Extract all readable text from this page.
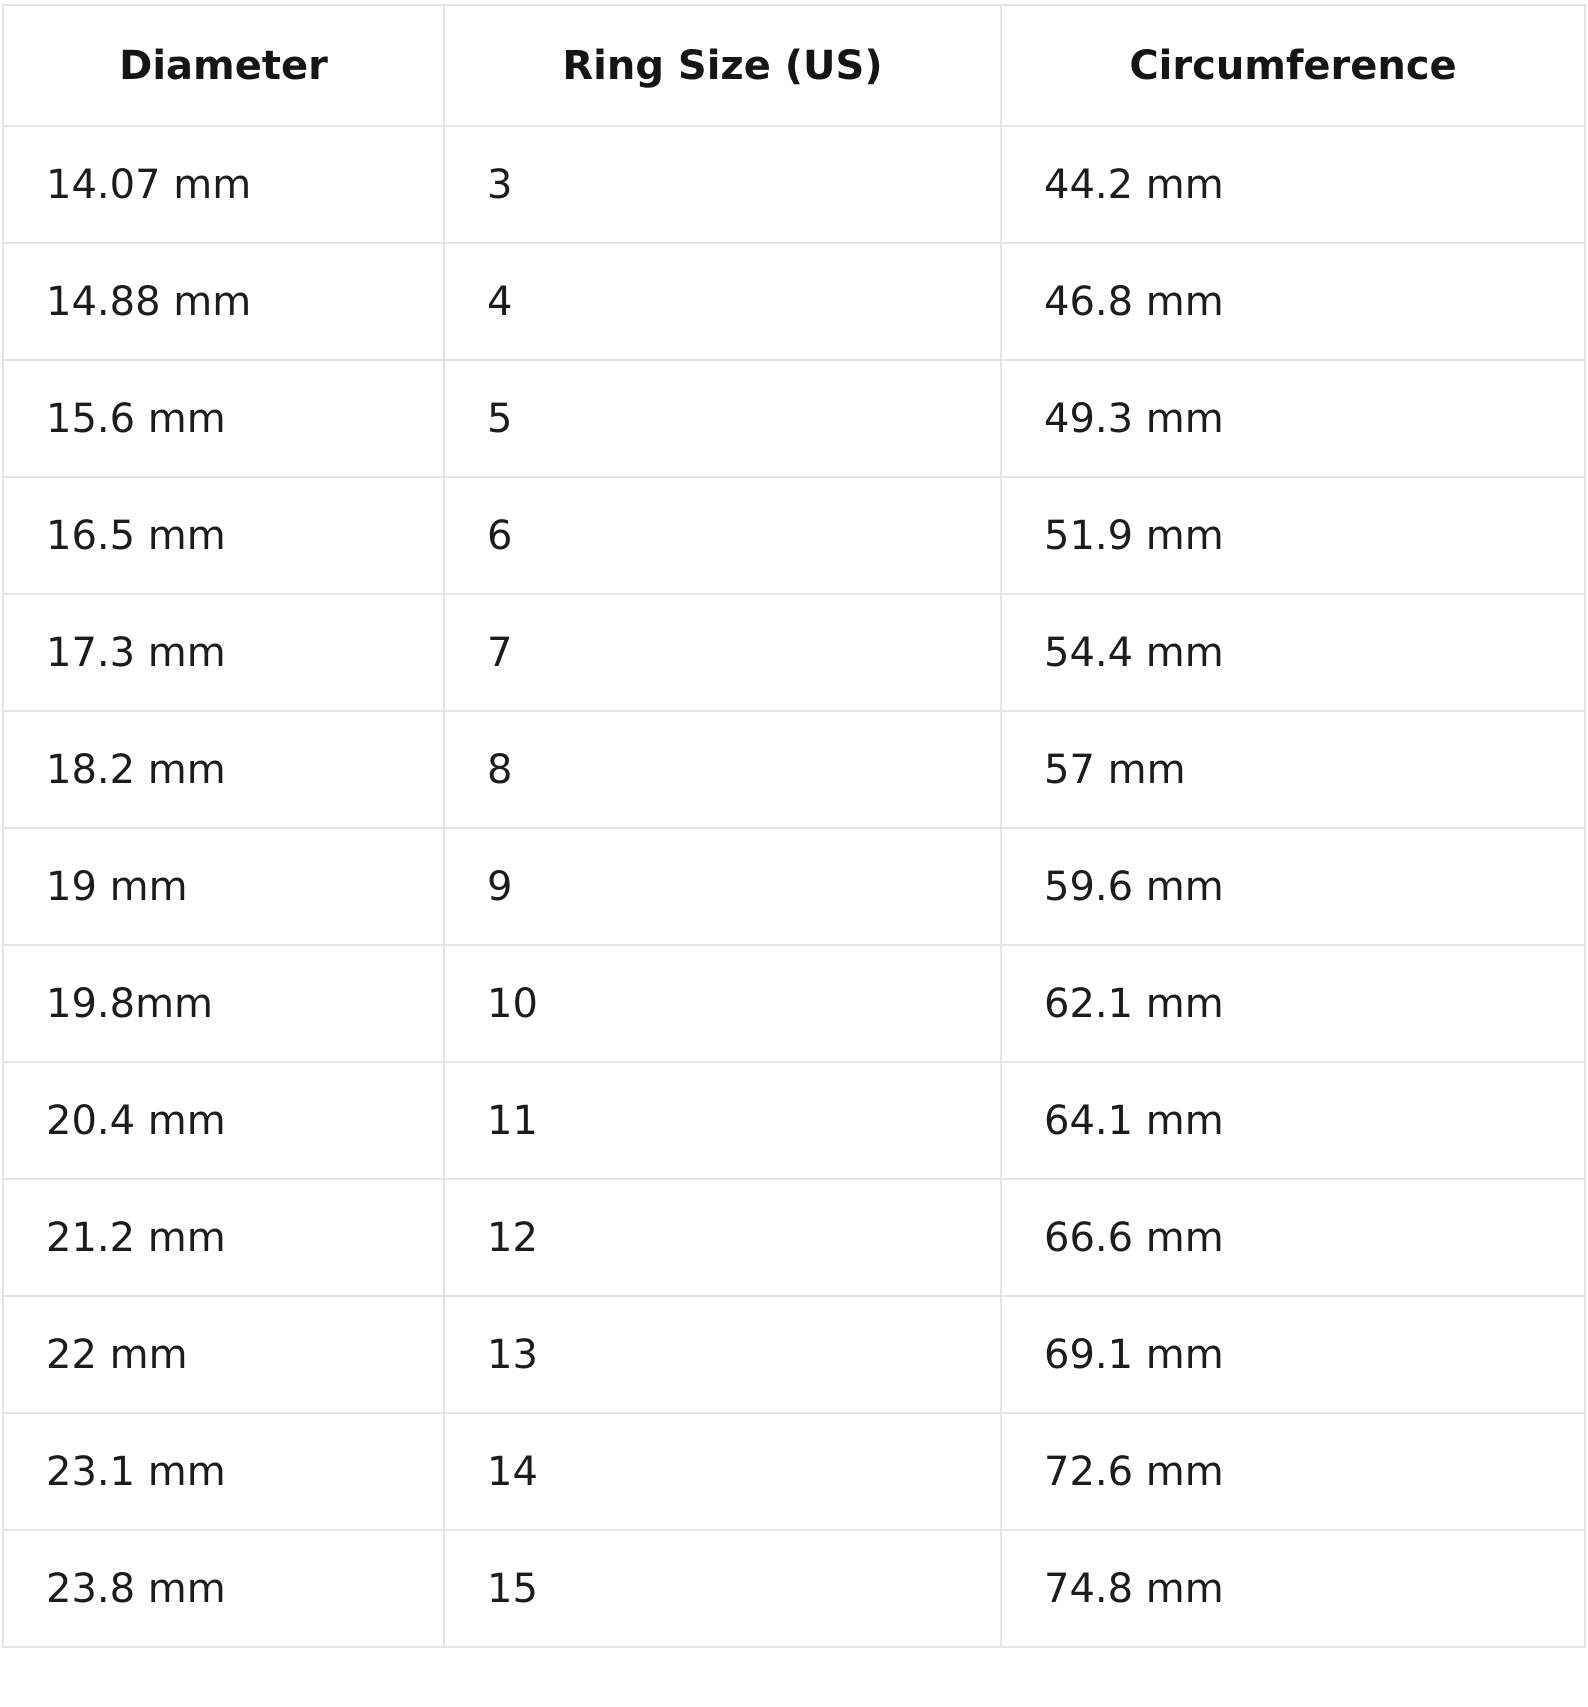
Diameter	Ring Size (US)	Circumference
14.07 mm	3	44.2 mm
14.88 mm	4	46.8 mm
15.6 mm	5	49.3 mm
16.5 mm	6	51.9 mm
17.3 mm	7	54.4 mm
18.2 mm	8	57 mm
19 mm	9	59.6 mm
19.8mm	10	62.1 mm
20.4 mm	11	64.1 mm
21.2 mm	12	66.6 mm
22 mm	13	69.1 mm
23.1 mm	14	72.6 mm
23.8 mm	15	74.8 mm
